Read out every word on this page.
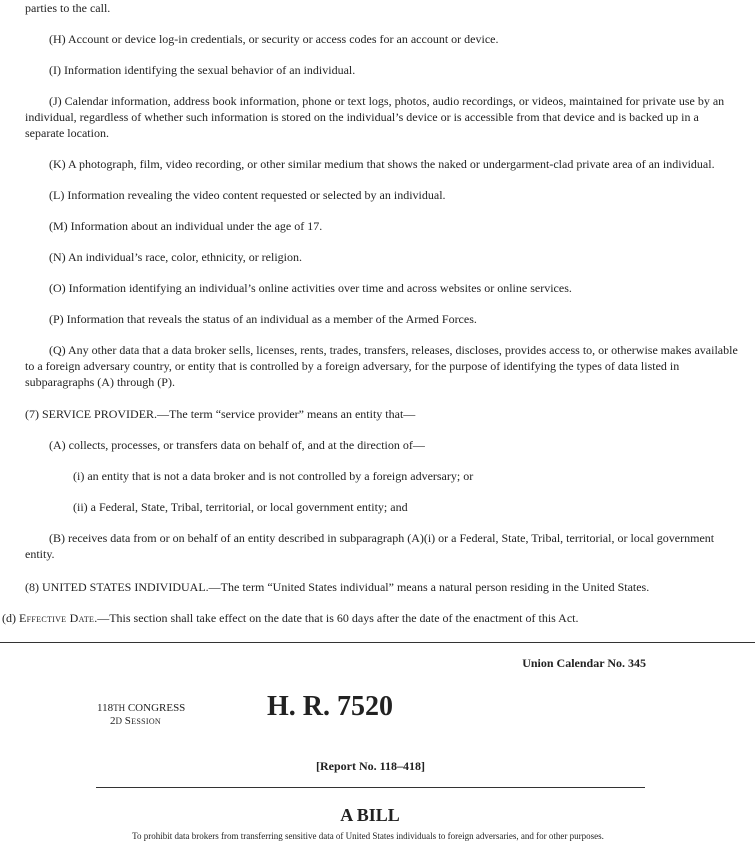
parties to the call.

(H) Account or device log-in credentials, or security or access codes for an account or device.

(I) Information identifying the sexual behavior of an individual.

(J) Calendar information, address book information, phone or text logs, photos, audio recordings, or videos, maintained for private use by an individual, regardless of whether such information is stored on the individual’s device or is accessible from that device and is backed up in a separate location.

(K) A photograph, film, video recording, or other similar medium that shows the naked or undergarment-clad private area of an individual.

(L) Information revealing the video content requested or selected by an individual.

(M) Information about an individual under the age of 17.

(N) An individual’s race, color, ethnicity, or religion.

(O) Information identifying an individual’s online activities over time and across websites or online services.

(P) Information that reveals the status of an individual as a member of the Armed Forces.

(Q) Any other data that a data broker sells, licenses, rents, trades, transfers, releases, discloses, provides access to, or otherwise makes available to a foreign adversary country, or entity that is controlled by a foreign adversary, for the purpose of identifying the types of data listed in subparagraphs (A) through (P).

(7) SERVICE PROVIDER.—The term “service provider” means an entity that—

(A) collects, processes, or transfers data on behalf of, and at the direction of—

(i) an entity that is not a data broker and is not controlled by a foreign adversary; or

(ii) a Federal, State, Tribal, territorial, or local government entity; and

(B) receives data from or on behalf of an entity described in subparagraph (A)(i) or a Federal, State, Tribal, territorial, or local government entity.

(8) UNITED STATES INDIVIDUAL.—The term “United States individual” means a natural person residing in the United States.

(d) Effective Date.—This section shall take effect on the date that is 60 days after the date of the enactment of this Act.

Union Calendar No. 345
118TH CONGRESS
2D Session	H. R. 7520
[Report No. 118–418]
A BILL
To prohibit data brokers from transferring sensitive data of United States individuals to foreign adversaries, and for other purposes.
